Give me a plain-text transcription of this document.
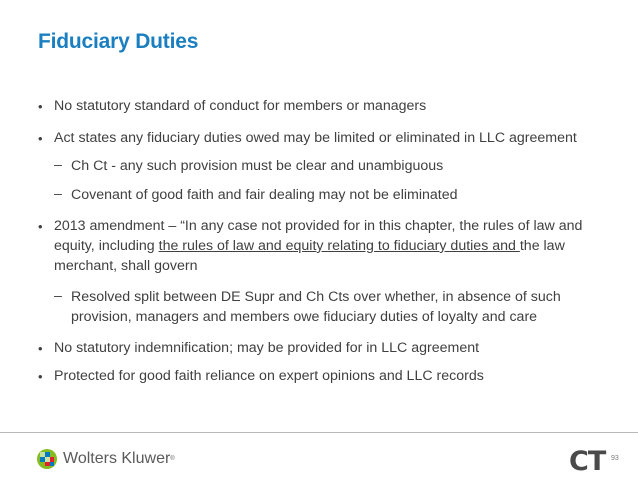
Fiduciary Duties
• No statutory standard of conduct for members or managers
• Act states any fiduciary duties owed may be limited or eliminated in LLC agreement
– Ch Ct - any such provision must be clear and unambiguous
– Covenant of good faith and fair dealing may not be eliminated
• 2013 amendment – “In any case not provided for in this chapter, the rules of law and
equity, including the rules of law and equity relating to fiduciary duties and the law
merchant, shall govern
– Resolved split between DE Supr and Ch Cts over whether, in absence of such
provision, managers and members owe fiduciary duties of loyalty and care
• No statutory indemnification; may be provided for in LLC agreement
• Protected for good faith reliance on expert opinions and LLC records
Wolters Kluwer ®	CT 93
